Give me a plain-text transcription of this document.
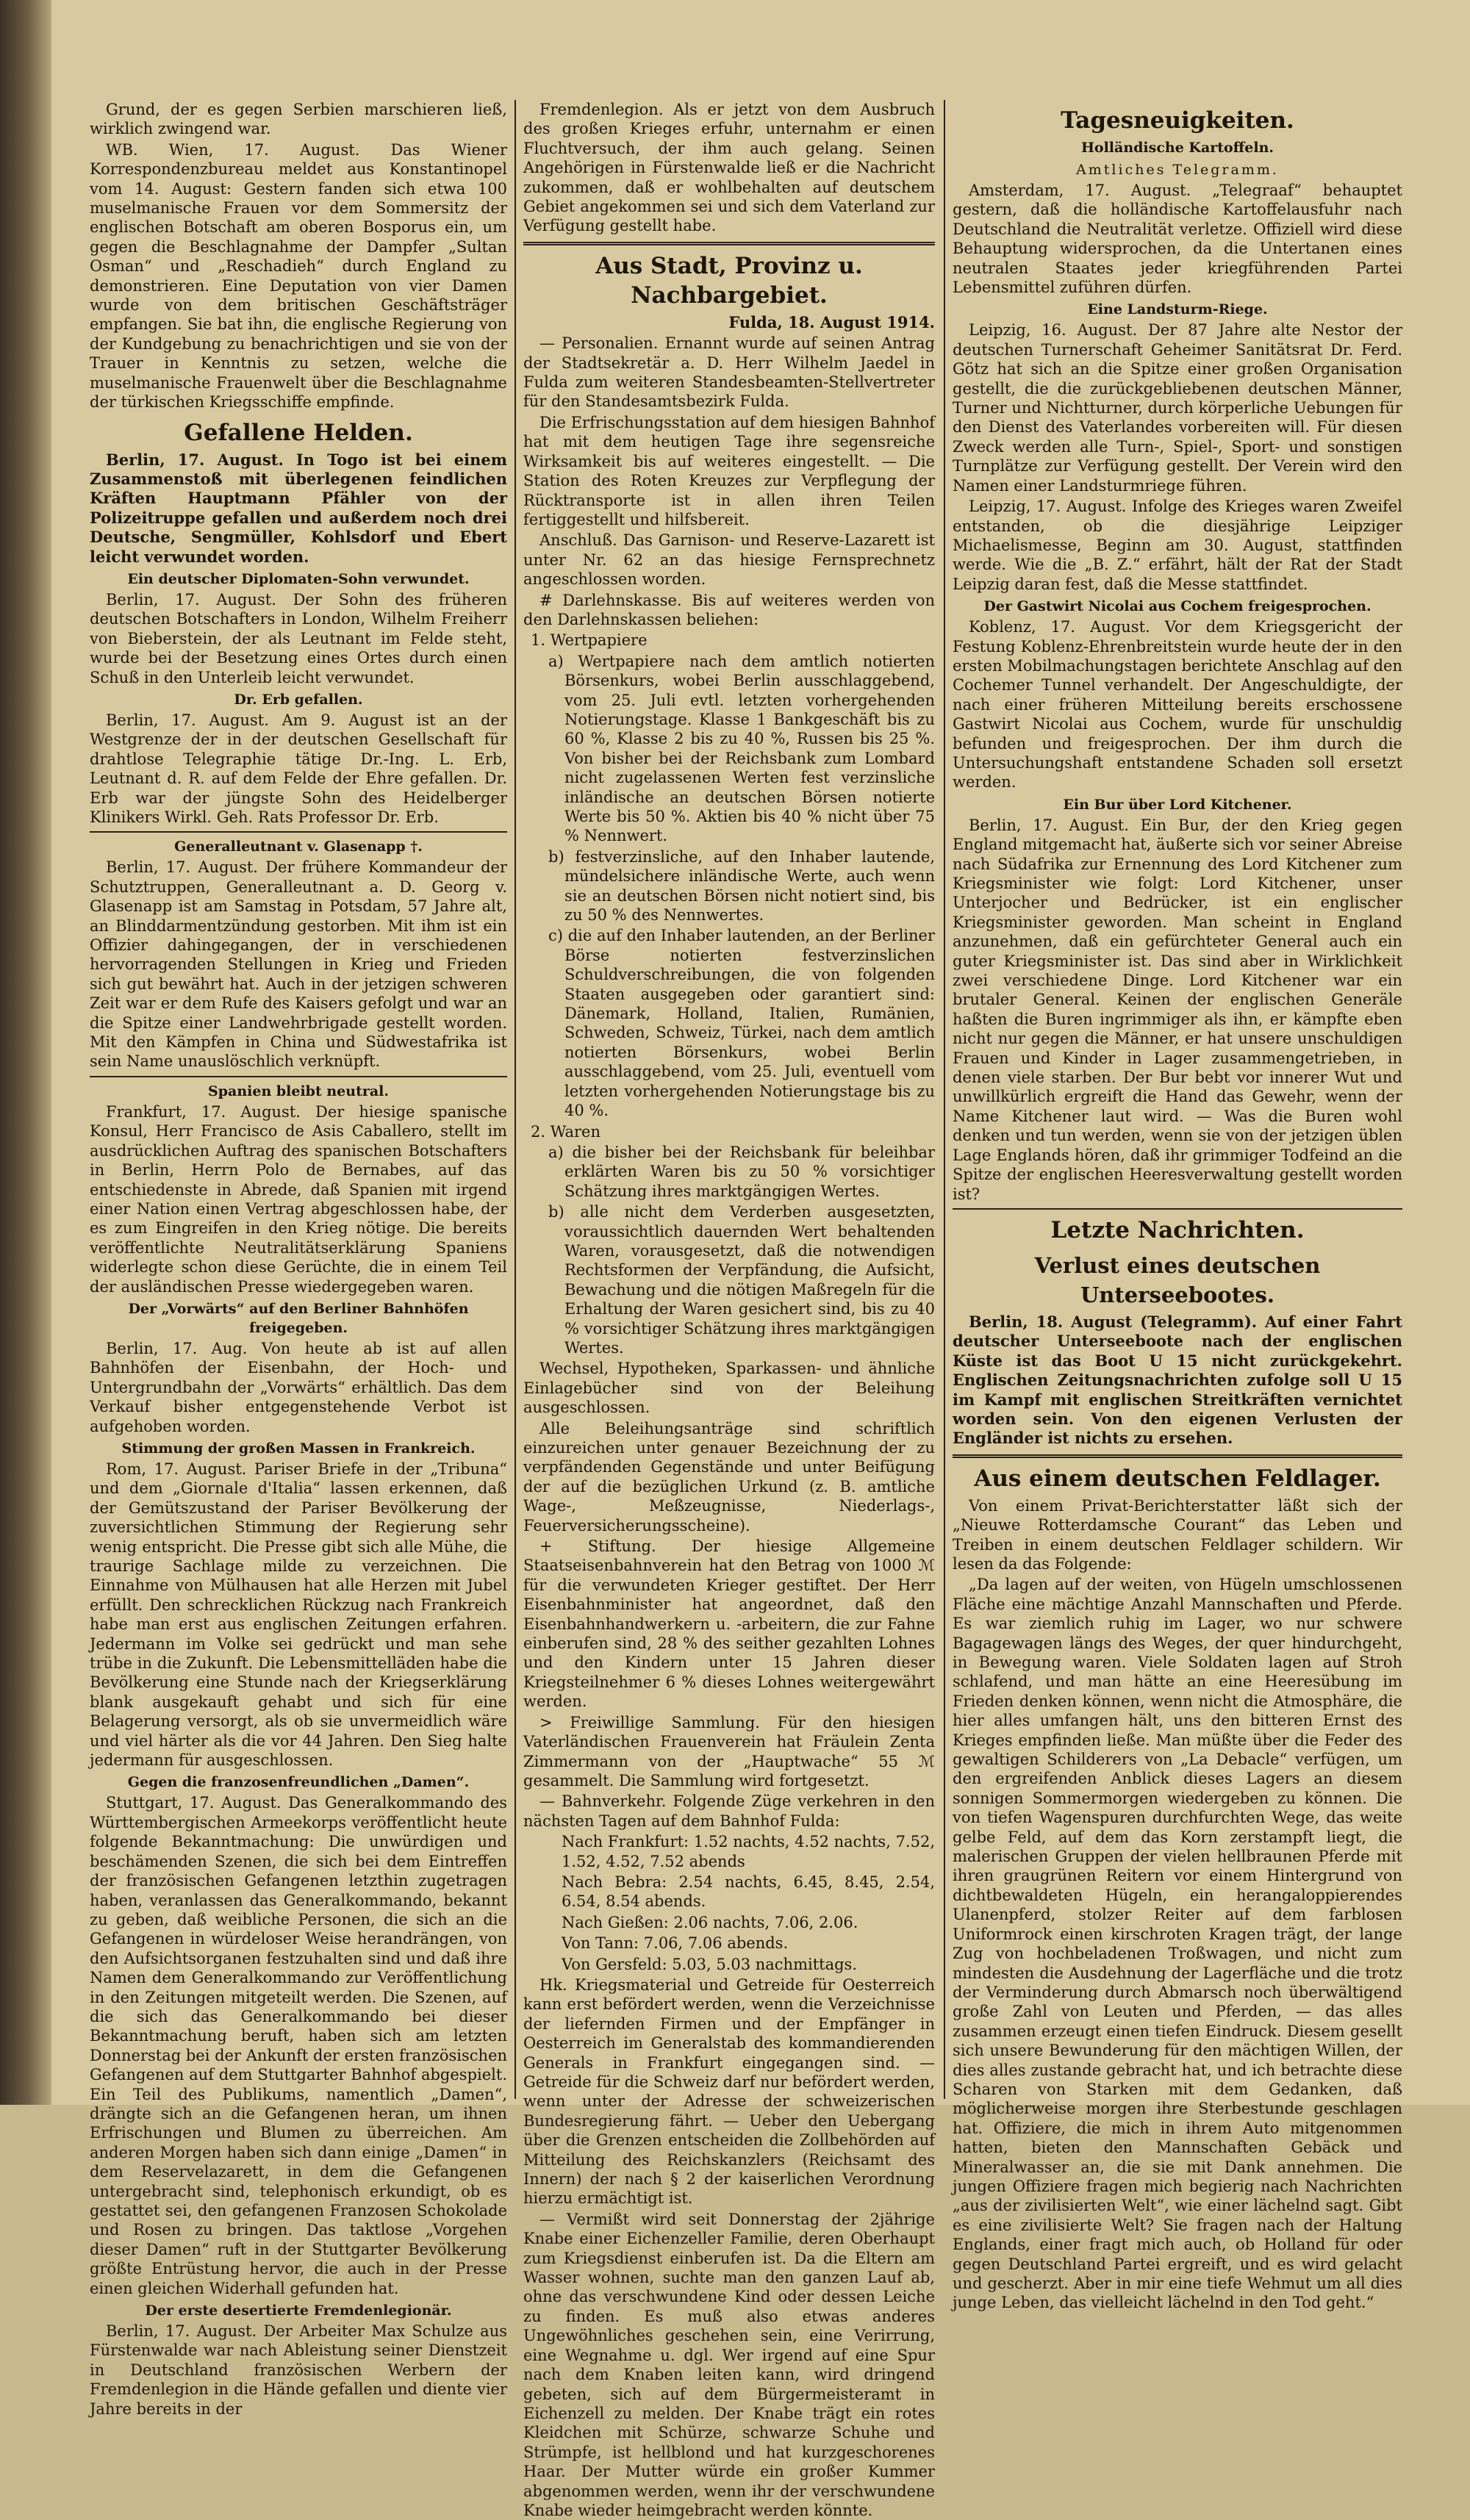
Grund, der es gegen Serbien marschieren ließ, wirklich zwingend war.

WB. Wien, 17. August. Das Wiener Korrespondenzbureau meldet aus Konstantinopel vom 14. August: Gestern fanden sich etwa 100 muselmanische Frauen vor dem Sommersitz der englischen Botschaft am oberen Bosporus ein, um gegen die Beschlagnahme der Dampfer „Sultan Osman“ und „Reschadieh“ durch England zu demonstrieren. Eine Deputation von vier Damen wurde von dem britischen Geschäftsträger empfangen. Sie bat ihn, die englische Regierung von der Kundgebung zu benachrichtigen und sie von der Trauer in Kenntnis zu setzen, welche die muselmanische Frauenwelt über die Beschlagnahme der türkischen Kriegsschiffe empfinde.

Gefallene Helden.

Berlin, 17. August. In Togo ist bei einem Zusammenstoß mit überlegenen feindlichen Kräften Hauptmann Pfähler von der Polizeitruppe gefallen und außerdem noch drei Deutsche, Sengmüller, Kohlsdorf und Ebert leicht verwundet worden.

Ein deutscher Diplomaten-Sohn verwundet.

Berlin, 17. August. Der Sohn des früheren deutschen Botschafters in London, Wilhelm Freiherr von Bieberstein, der als Leutnant im Felde steht, wurde bei der Besetzung eines Ortes durch einen Schuß in den Unterleib leicht verwundet.

Dr. Erb gefallen.

Berlin, 17. August. Am 9. August ist an der Westgrenze der in der deutschen Gesellschaft für drahtlose Telegraphie tätige Dr.-Ing. L. Erb, Leutnant d. R. auf dem Felde der Ehre gefallen. Dr. Erb war der jüngste Sohn des Heidelberger Klinikers Wirkl. Geh. Rats Professor Dr. Erb.

Generalleutnant v. Glasenapp †.

Berlin, 17. August. Der frühere Kommandeur der Schutztruppen, Generalleutnant a. D. Georg v. Glasenapp ist am Samstag in Potsdam, 57 Jahre alt, an Blinddarmentzündung gestorben. Mit ihm ist ein Offizier dahingegangen, der in verschiedenen hervorragenden Stellungen in Krieg und Frieden sich gut bewährt hat. Auch in der jetzigen schweren Zeit war er dem Rufe des Kaisers gefolgt und war an die Spitze einer Landwehrbrigade gestellt worden. Mit den Kämpfen in China und Südwestafrika ist sein Name unauslöschlich verknüpft.

Spanien bleibt neutral.

Frankfurt, 17. August. Der hiesige spanische Konsul, Herr Francisco de Asis Caballero, stellt im ausdrücklichen Auftrag des spanischen Botschafters in Berlin, Herrn Polo de Bernabes, auf das entschiedenste in Abrede, daß Spanien mit irgend einer Nation einen Vertrag abgeschlossen habe, der es zum Eingreifen in den Krieg nötige. Die bereits veröffentlichte Neutralitätserklärung Spaniens widerlegte schon diese Gerüchte, die in einem Teil der ausländischen Presse wiedergegeben waren.

Der „Vorwärts“ auf den Berliner Bahnhöfen freigegeben.

Berlin, 17. Aug. Von heute ab ist auf allen Bahnhöfen der Eisenbahn, der Hoch- und Untergrundbahn der „Vorwärts“ erhältlich. Das dem Verkauf bisher entgegenstehende Verbot ist aufgehoben worden.

Stimmung der großen Massen in Frankreich.

Rom, 17. August. Pariser Briefe in der „Tribuna“ und dem „Giornale d'Italia“ lassen erkennen, daß der Gemütszustand der Pariser Bevölkerung der zuversichtlichen Stimmung der Regierung sehr wenig entspricht. Die Presse gibt sich alle Mühe, die traurige Sachlage milde zu verzeichnen. Die Einnahme von Mülhausen hat alle Herzen mit Jubel erfüllt. Den schrecklichen Rückzug nach Frankreich habe man erst aus englischen Zeitungen erfahren. Jedermann im Volke sei gedrückt und man sehe trübe in die Zukunft. Die Lebensmittelläden habe die Bevölkerung eine Stunde nach der Kriegserklärung blank ausgekauft gehabt und sich für eine Belagerung versorgt, als ob sie unvermeidlich wäre und viel härter als die vor 44 Jahren. Den Sieg halte jedermann für ausgeschlossen.

Gegen die franzosenfreundlichen „Damen“.

Stuttgart, 17. August. Das Generalkommando des Württembergischen Armeekorps veröffentlicht heute folgende Bekanntmachung: Die unwürdigen und beschämenden Szenen, die sich bei dem Eintreffen der französischen Gefangenen letzthin zugetragen haben, veranlassen das Generalkommando, bekannt zu geben, daß weibliche Personen, die sich an die Gefangenen in würdeloser Weise herandrängen, von den Aufsichtsorganen festzuhalten sind und daß ihre Namen dem Generalkommando zur Veröffentlichung in den Zeitungen mitgeteilt werden. Die Szenen, auf die sich das Generalkommando bei dieser Bekanntmachung beruft, haben sich am letzten Donnerstag bei der Ankunft der ersten französischen Gefangenen auf dem Stuttgarter Bahnhof abgespielt. Ein Teil des Publikums, namentlich „Damen“, drängte sich an die Gefangenen heran, um ihnen Erfrischungen und Blumen zu überreichen. Am anderen Morgen haben sich dann einige „Damen“ in dem Reservelazarett, in dem die Gefangenen untergebracht sind, telephonisch erkundigt, ob es gestattet sei, den gefangenen Franzosen Schokolade und Rosen zu bringen. Das taktlose „Vorgehen dieser Damen“ ruft in der Stuttgarter Bevölkerung größte Entrüstung hervor, die auch in der Presse einen gleichen Widerhall gefunden hat.

Der erste desertierte Fremdenlegionär.

Berlin, 17. August. Der Arbeiter Max Schulze aus Fürstenwalde war nach Ableistung seiner Dienstzeit in Deutschland französischen Werbern der Fremdenlegion in die Hände gefallen und diente vier Jahre bereits in der

Fremdenlegion. Als er jetzt von dem Ausbruch des großen Krieges erfuhr, unternahm er einen Fluchtversuch, der ihm auch gelang. Seinen Angehörigen in Fürstenwalde ließ er die Nachricht zukommen, daß er wohlbehalten auf deutschem Gebiet angekommen sei und sich dem Vaterland zur Verfügung gestellt habe.

Aus Stadt, Provinz u. Nachbargebiet.
Fulda, 18. August 1914.

— Personalien. Ernannt wurde auf seinen Antrag der Stadtsekretär a. D. Herr Wilhelm Jaedel in Fulda zum weiteren Standesbeamten-Stellvertreter für den Standesamtsbezirk Fulda.

Die Erfrischungsstation auf dem hiesigen Bahnhof hat mit dem heutigen Tage ihre segensreiche Wirksamkeit bis auf weiteres eingestellt. — Die Station des Roten Kreuzes zur Verpflegung der Rücktransporte ist in allen ihren Teilen fertiggestellt und hilfsbereit.

Anschluß. Das Garnison- und Reserve-Lazarett ist unter Nr. 62 an das hiesige Fernsprechnetz angeschlossen worden.

# Darlehnskasse. Bis auf weiteres werden von den Darlehnskassen beliehen:

1. Wertpapiere

a) Wertpapiere nach dem amtlich notierten Börsenkurs, wobei Berlin ausschlaggebend, vom 25. Juli evtl. letzten vorhergehenden Notierungstage. Klasse 1 Bankgeschäft bis zu 60 %, Klasse 2 bis zu 40 %, Russen bis 25 %. Von bisher bei der Reichsbank zum Lombard nicht zugelassenen Werten fest verzinsliche inländische an deutschen Börsen notierte Werte bis 50 %. Aktien bis 40 % nicht über 75 % Nennwert.

b) festverzinsliche, auf den Inhaber lautende, mündelsichere inländische Werte, auch wenn sie an deutschen Börsen nicht notiert sind, bis zu 50 % des Nennwertes.

c) die auf den Inhaber lautenden, an der Berliner Börse notierten festverzinslichen Schuldverschreibungen, die von folgenden Staaten ausgegeben oder garantiert sind: Dänemark, Holland, Italien, Rumänien, Schweden, Schweiz, Türkei, nach dem amtlich notierten Börsenkurs, wobei Berlin ausschlaggebend, vom 25. Juli, eventuell vom letzten vorhergehenden Notierungstage bis zu 40 %.

2. Waren

a) die bisher bei der Reichsbank für beleihbar erklärten Waren bis zu 50 % vorsichtiger Schätzung ihres marktgängigen Wertes.

b) alle nicht dem Verderben ausgesetzten, voraussichtlich dauernden Wert behaltenden Waren, vorausgesetzt, daß die notwendigen Rechtsformen der Verpfändung, die Aufsicht, Bewachung und die nötigen Maßregeln für die Erhaltung der Waren gesichert sind, bis zu 40 % vorsichtiger Schätzung ihres marktgängigen Wertes.

Wechsel, Hypotheken, Sparkassen- und ähnliche Einlagebücher sind von der Beleihung ausgeschlossen.

Alle Beleihungsanträge sind schriftlich einzureichen unter genauer Bezeichnung der zu verpfändenden Gegenstände und unter Beifügung der auf die bezüglichen Urkund (z. B. amtliche Wage-, Meßzeugnisse, Niederlags-, Feuerversicherungsscheine).

+ Stiftung. Der hiesige Allgemeine Staatseisenbahnverein hat den Betrag von 1000 ℳ für die verwundeten Krieger gestiftet. Der Herr Eisenbahnminister hat angeordnet, daß den Eisenbahnhandwerkern u. -arbeitern, die zur Fahne einberufen sind, 28 % des seither gezahlten Lohnes und den Kindern unter 15 Jahren dieser Kriegsteilnehmer 6 % dieses Lohnes weitergewährt werden.

> Freiwillige Sammlung. Für den hiesigen Vaterländischen Frauenverein hat Fräulein Zenta Zimmermann von der „Hauptwache“ 55 ℳ gesammelt. Die Sammlung wird fortgesetzt.

— Bahnverkehr. Folgende Züge verkehren in den nächsten Tagen auf dem Bahnhof Fulda:

Nach Frankfurt: 1.52 nachts, 4.52 nachts, 7.52, 1.52, 4.52, 7.52 abends

Nach Bebra: 2.54 nachts, 6.45, 8.45, 2.54, 6.54, 8.54 abends.

Nach Gießen: 2.06 nachts, 7.06, 2.06.

Von Tann: 7.06, 7.06 abends.

Von Gersfeld: 5.03, 5.03 nachmittags.

Hk. Kriegsmaterial und Getreide für Oesterreich kann erst befördert werden, wenn die Verzeichnisse der liefernden Firmen und der Empfänger in Oesterreich im Generalstab des kommandierenden Generals in Frankfurt eingegangen sind. — Getreide für die Schweiz darf nur befördert werden, wenn unter der Adresse der schweizerischen Bundesregierung fährt. — Ueber den Uebergang über die Grenzen entscheiden die Zollbehörden auf Mitteilung des Reichskanzlers (Reichsamt des Innern) der nach § 2 der kaiserlichen Verordnung hierzu ermächtigt ist.

— Vermißt wird seit Donnerstag der 2jährige Knabe einer Eichenzeller Familie, deren Oberhaupt zum Kriegsdienst einberufen ist. Da die Eltern am Wasser wohnen, suchte man den ganzen Lauf ab, ohne das verschwundene Kind oder dessen Leiche zu finden. Es muß also etwas anderes Ungewöhnliches geschehen sein, eine Verirrung, eine Wegnahme u. dgl. Wer irgend auf eine Spur nach dem Knaben leiten kann, wird dringend gebeten, sich auf dem Bürgermeisteramt in Eichenzell zu melden. Der Knabe trägt ein rotes Kleidchen mit Schürze, schwarze Schuhe und Strümpfe, ist hellblond und hat kurzgeschorenes Haar. Der Mutter würde ein großer Kummer abgenommen werden, wenn ihr der verschwundene Knabe wieder heimgebracht werden könnte.

Tagesneuigkeiten.
Holländische Kartoffeln.
Amtliches Telegramm.

Amsterdam, 17. August. „Telegraaf“ behauptet gestern, daß die holländische Kartoffelausfuhr nach Deutschland die Neutralität verletze. Offiziell wird diese Behauptung widersprochen, da die Untertanen eines neutralen Staates jeder kriegführenden Partei Lebensmittel zuführen dürfen.

Eine Landsturm-Riege.

Leipzig, 16. August. Der 87 Jahre alte Nestor der deutschen Turnerschaft Geheimer Sanitätsrat Dr. Ferd. Götz hat sich an die Spitze einer großen Organisation gestellt, die die zurückgebliebenen deutschen Männer, Turner und Nichtturner, durch körperliche Uebungen für den Dienst des Vaterlandes vorbereiten will. Für diesen Zweck werden alle Turn-, Spiel-, Sport- und sonstigen Turnplätze zur Verfügung gestellt. Der Verein wird den Namen einer Landsturmriege führen.

Leipzig, 17. August. Infolge des Krieges waren Zweifel entstanden, ob die diesjährige Leipziger Michaelismesse, Beginn am 30. August, stattfinden werde. Wie die „B. Z.“ erfährt, hält der Rat der Stadt Leipzig daran fest, daß die Messe stattfindet.

Der Gastwirt Nicolai aus Cochem freigesprochen.

Koblenz, 17. August. Vor dem Kriegsgericht der Festung Koblenz-Ehrenbreitstein wurde heute der in den ersten Mobilmachungstagen berichtete Anschlag auf den Cochemer Tunnel verhandelt. Der Angeschuldigte, der nach einer früheren Mitteilung bereits erschossene Gastwirt Nicolai aus Cochem, wurde für unschuldig befunden und freigesprochen. Der ihm durch die Untersuchungshaft entstandene Schaden soll ersetzt werden.

Ein Bur über Lord Kitchener.

Berlin, 17. August. Ein Bur, der den Krieg gegen England mitgemacht hat, äußerte sich vor seiner Abreise nach Südafrika zur Ernennung des Lord Kitchener zum Kriegsminister wie folgt: Lord Kitchener, unser Unterjocher und Bedrücker, ist ein englischer Kriegsminister geworden. Man scheint in England anzunehmen, daß ein gefürchteter General auch ein guter Kriegsminister ist. Das sind aber in Wirklichkeit zwei verschiedene Dinge. Lord Kitchener war ein brutaler General. Keinen der englischen Generäle haßten die Buren ingrimmiger als ihn, er kämpfte eben nicht nur gegen die Männer, er hat unsere unschuldigen Frauen und Kinder in Lager zusammengetrieben, in denen viele starben. Der Bur bebt vor innerer Wut und unwillkürlich ergreift die Hand das Gewehr, wenn der Name Kitchener laut wird. — Was die Buren wohl denken und tun werden, wenn sie von der jetzigen üblen Lage Englands hören, daß ihr grimmiger Todfeind an die Spitze der englischen Heeresverwaltung gestellt worden ist?

Letzte Nachrichten.
Verlust eines deutschen Unterseebootes.

Berlin, 18. August (Telegramm). Auf einer Fahrt deutscher Unterseeboote nach der englischen Küste ist das Boot U 15 nicht zurückgekehrt. Englischen Zeitungsnachrichten zufolge soll U 15 im Kampf mit englischen Streitkräften vernichtet worden sein. Von den eigenen Verlusten der Engländer ist nichts zu ersehen.

Aus einem deutschen Feldlager.

Von einem Privat-Berichterstatter läßt sich der „Nieuwe Rotterdamsche Courant“ das Leben und Treiben in einem deutschen Feldlager schildern. Wir lesen da das Folgende:

„Da lagen auf der weiten, von Hügeln umschlossenen Fläche eine mächtige Anzahl Mannschaften und Pferde. Es war ziemlich ruhig im Lager, wo nur schwere Bagagewagen längs des Weges, der quer hindurchgeht, in Bewegung waren. Viele Soldaten lagen auf Stroh schlafend, und man hätte an eine Heeresübung im Frieden denken können, wenn nicht die Atmosphäre, die hier alles umfangen hält, uns den bitteren Ernst des Krieges empfinden ließe. Man müßte über die Feder des gewaltigen Schilderers von „La Debacle“ verfügen, um den ergreifenden Anblick dieses Lagers an diesem sonnigen Sommermorgen wiedergeben zu können. Die von tiefen Wagenspuren durchfurchten Wege, das weite gelbe Feld, auf dem das Korn zerstampft liegt, die malerischen Gruppen der vielen hellbraunen Pferde mit ihren graugrünen Reitern vor einem Hintergrund von dichtbewaldeten Hügeln, ein herangaloppierendes Ulanenpferd, stolzer Reiter auf dem farblosen Uniformrock einen kirschroten Kragen trägt, der lange Zug von hochbeladenen Troßwagen, und nicht zum mindesten die Ausdehnung der Lagerfläche und die trotz der Verminderung durch Abmarsch noch überwältigend große Zahl von Leuten und Pferden, — das alles zusammen erzeugt einen tiefen Eindruck. Diesem gesellt sich unsere Bewunderung für den mächtigen Willen, der dies alles zustande gebracht hat, und ich betrachte diese Scharen von Starken mit dem Gedanken, daß möglicherweise morgen ihre Sterbestunde geschlagen hat. Offiziere, die mich in ihrem Auto mitgenommen hatten, bieten den Mannschaften Gebäck und Mineralwasser an, die sie mit Dank annehmen. Die jungen Offiziere fragen mich begierig nach Nachrichten „aus der zivilisierten Welt“, wie einer lächelnd sagt. Gibt es eine zivilisierte Welt? Sie fragen nach der Haltung Englands, einer fragt mich auch, ob Holland für oder gegen Deutschland Partei ergreift, und es wird gelacht und gescherzt. Aber in mir eine tiefe Wehmut um all dies junge Leben, das vielleicht lächelnd in den Tod geht.“
